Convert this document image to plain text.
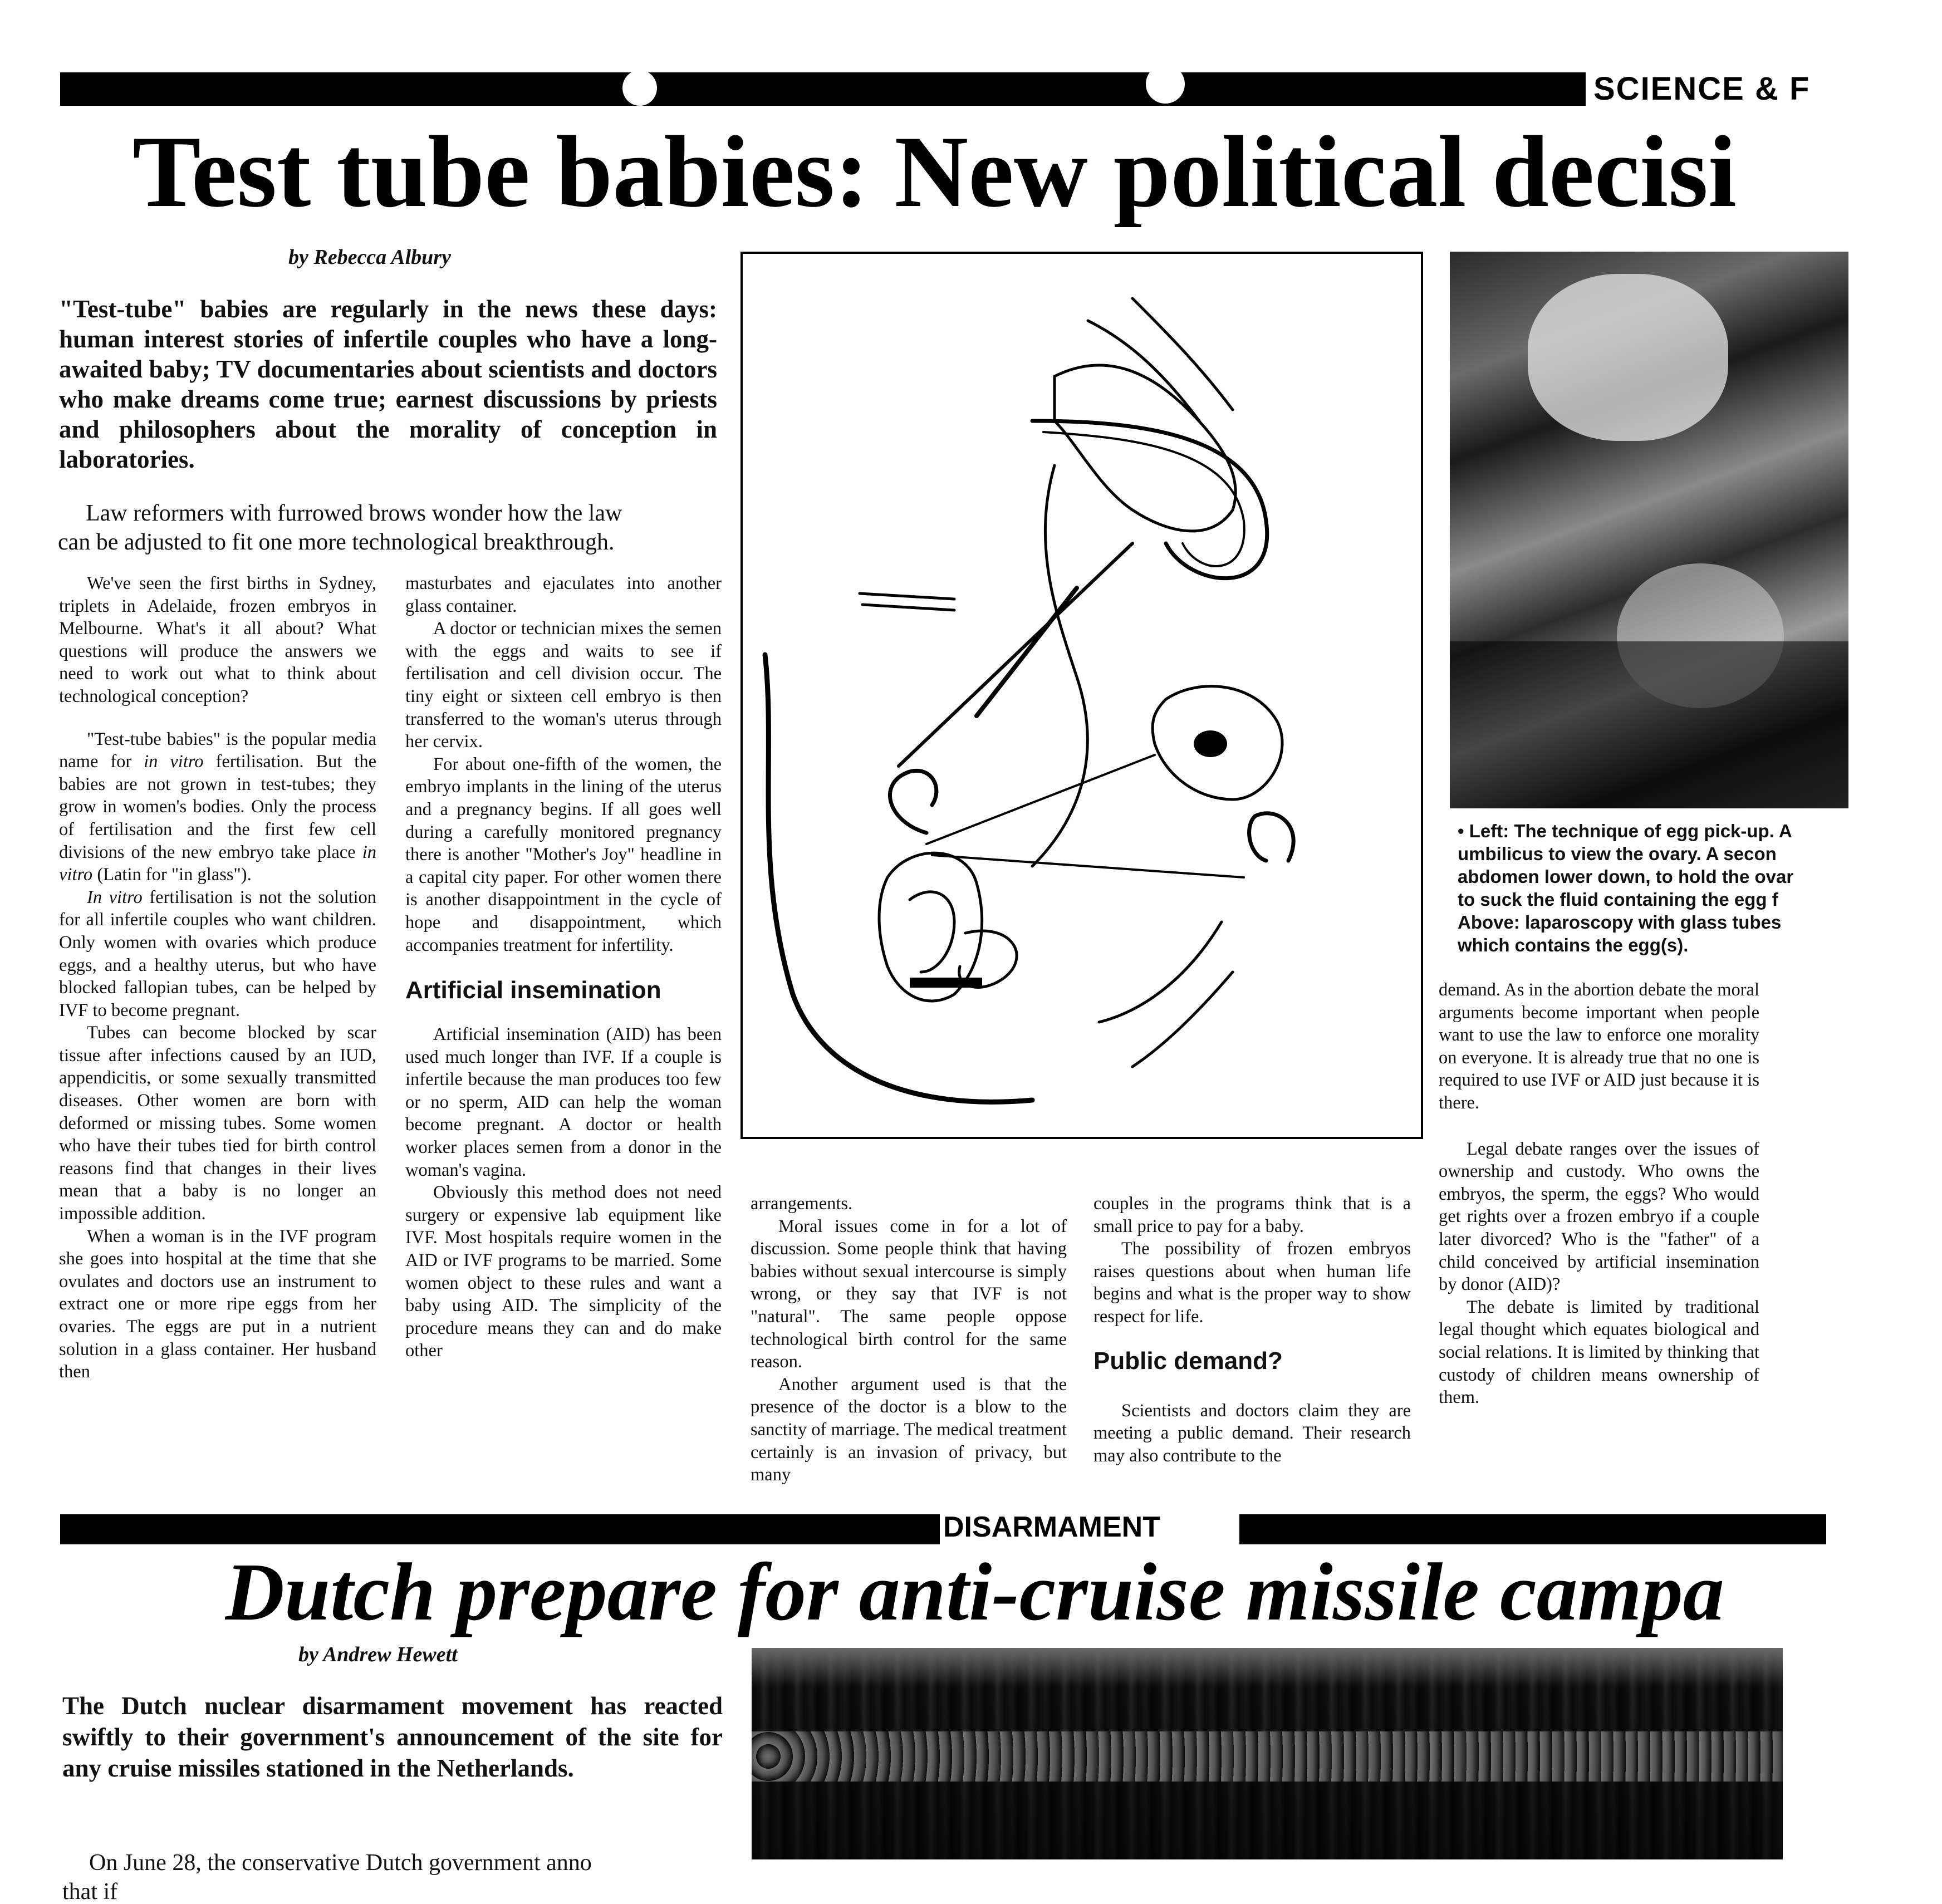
SCIENCE & F
Test tube babies: New political decisi
by Rebecca Albury
"Test-tube" babies are regularly in the news these days: human interest stories of infertile couples who have a long-awaited baby; TV documentaries about scientists and doctors who make dreams come true; earnest discussions by priests and philosophers about the morality of conception in laboratories.
Law reformers with furrowed brows wonder how the law
can be adjusted to fit one more technological breakthrough.

We've seen the first births in Sydney, triplets in Adelaide, frozen embryos in Melbourne. What's it all about? What questions will produce the answers we need to work out what to think about technological conception?

"Test-tube babies" is the popular media name for in vitro fertilisation. But the babies are not grown in test-tubes; they grow in women's bodies. Only the process of fertilisation and the first few cell divisions of the new embryo take place in vitro (Latin for "in glass").

In vitro fertilisation is not the solution for all infertile couples who want children. Only women with ovaries which produce eggs, and a healthy uterus, but who have blocked fallopian tubes, can be helped by IVF to become pregnant.

Tubes can become blocked by scar tissue after infections caused by an IUD, appendicitis, or some sexually transmitted diseases. Other women are born with deformed or missing tubes. Some women who have their tubes tied for birth control reasons find that changes in their lives mean that a baby is no longer an impossible addition.

When a woman is in the IVF program she goes into hospital at the time that she ovulates and doctors use an instrument to extract one or more ripe eggs from her ovaries. The eggs are put in a nutrient solution in a glass container. Her husband then

masturbates and ejaculates into another glass container.

A doctor or technician mixes the semen with the eggs and waits to see if fertilisation and cell division occur. The tiny eight or sixteen cell embryo is then transferred to the woman's uterus through her cervix.

For about one-fifth of the women, the embryo implants in the lining of the uterus and a pregnancy begins. If all goes well during a carefully monitored pregnancy there is another "Mother's Joy" headline in a capital city paper. For other women there is another disappointment in the cycle of hope and disappointment, which accompanies treatment for infertility.

Artificial insemination

Artificial insemination (AID) has been used much longer than IVF. If a couple is infertile because the man produces too few or no sperm, AID can help the woman become pregnant. A doctor or health worker places semen from a donor in the woman's vagina.

Obviously this method does not need surgery or expensive lab equipment like IVF. Most hospitals require women in the AID or IVF programs to be married. Some women object to these rules and want a baby using AID. The simplicity of the procedure means they can and do make other

• Left: The technique of egg pick-up. A
umbilicus to view the ovary. A secon
abdomen lower down, to hold the ovar
to suck the fluid containing the egg f
Above: laparoscopy with glass tubes
which contains the egg(s).

arrangements.

Moral issues come in for a lot of discussion. Some people think that having babies without sexual intercourse is simply wrong, or they say that IVF is not "natural". The same people oppose technological birth control for the same reason.

Another argument used is that the presence of the doctor is a blow to the sanctity of marriage. The medical treatment certainly is an invasion of privacy, but many

couples in the programs think that is a small price to pay for a baby.

The possibility of frozen embryos raises questions about when human life begins and what is the proper way to show respect for life.

Public demand?

Scientists and doctors claim they are meeting a public demand. Their research may also contribute to the

demand. As in the abortion debate the moral arguments become important when people want to use the law to enforce one morality on everyone. It is already true that no one is required to use IVF or AID just because it is there.

Legal debate ranges over the issues of ownership and custody. Who owns the embryos, the sperm, the eggs? Who would get rights over a frozen embryo if a couple later divorced? Who is the "father" of a child conceived by artificial insemination by donor (AID)?

The debate is limited by traditional legal thought which equates biological and social relations. It is limited by thinking that custody of children means ownership of them.

DISARMAMENT
Dutch prepare for anti-cruise missile campa
by Andrew Hewett
The Dutch nuclear disarmament movement has reacted swiftly to their government's announcement of the site for any cruise missiles stationed in the Netherlands.
On June 28, the conservative Dutch government anno
that if
